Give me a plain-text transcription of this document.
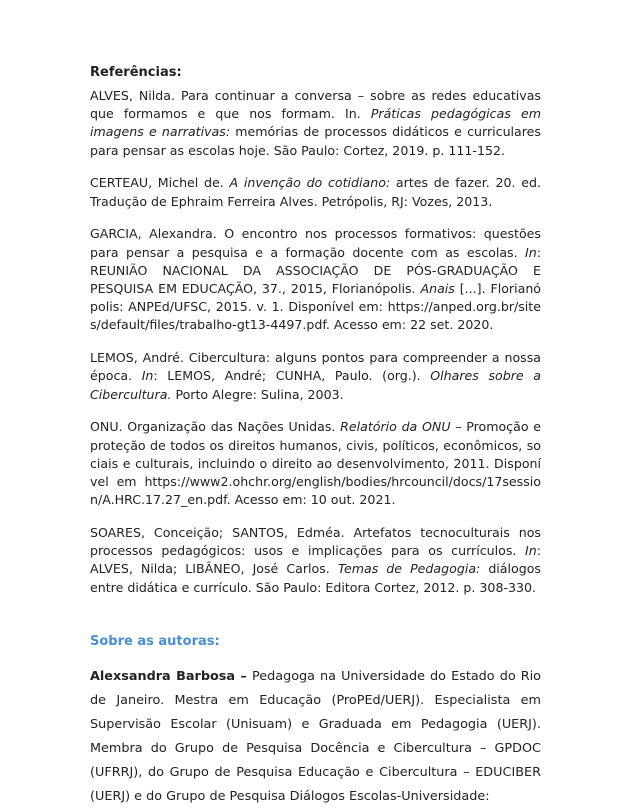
Referências:

ALVES, Nilda. Para continuar a conversa – sobre as redes educativas que formamos e que nos formam. In. Práticas pedagógicas em imagens e narrativas: memórias de processos didáticos e curriculares para pensar as escolas hoje. São Paulo: Cortez, 2019. p. 111-152.

CERTEAU, Michel de. A invenção do cotidiano: artes de fazer. 20. ed. Tradução de Ephraim Ferreira Alves. Petrópolis, RJ: Vozes, 2013.

GARCIA, Alexandra. O encontro nos processos formativos: questões para pensar a pesquisa e a formação docente com as escolas. In: REUNIÃO NACIONAL DA ASSOCIAÇÃO DE PÓS-GRADUAÇÃO E PESQUISA EM EDUCAÇÃO, 37., 2015, Florianópolis. Anais [...]. Florianópolis: ANPEd/UFSC, 2015. v. 1. Disponível em: https://anped.org.br/sites/default/files/trabalho-gt13-4497.pdf. Acesso em: 22 set. 2020.

LEMOS, André. Cibercultura: alguns pontos para compreender a nossa época. In: LEMOS, André; CUNHA, Paulo. (org.). Olhares sobre a Cibercultura. Porto Alegre: Sulina, 2003.

ONU. Organização das Nações Unidas. Relatório da ONU – Promoção e proteção de todos os direitos humanos, civis, políticos, econômicos, sociais e culturais, incluindo o direito ao desenvolvimento, 2011. Disponível em https://www2.ohchr.org/english/bodies/hrcouncil/docs/17session/A.HRC.17.27_en.pdf. Acesso em: 10 out. 2021.

SOARES, Conceição; SANTOS, Edméa. Artefatos tecnoculturais nos processos pedagógicos: usos e implicações para os currículos. In: ALVES, Nilda; LIBÂNEO, José Carlos. Temas de Pedagogia: diálogos entre didática e currículo. São Paulo: Editora Cortez, 2012. p. 308-330.

Sobre as autoras:

Alexsandra Barbosa – Pedagoga na Universidade do Estado do Rio de Janeiro. Mestra em Educação (ProPEd/UERJ). Especialista em Supervisão Escolar (Unisuam) e Graduada em Pedagogia (UERJ). Membra do Grupo de Pesquisa Docência e Cibercultura – GPDOC (UFRRJ), do Grupo de Pesquisa Educação e Cibercultura – EDUCIBER (UERJ) e do Grupo de Pesquisa Diálogos Escolas-Universidade:
